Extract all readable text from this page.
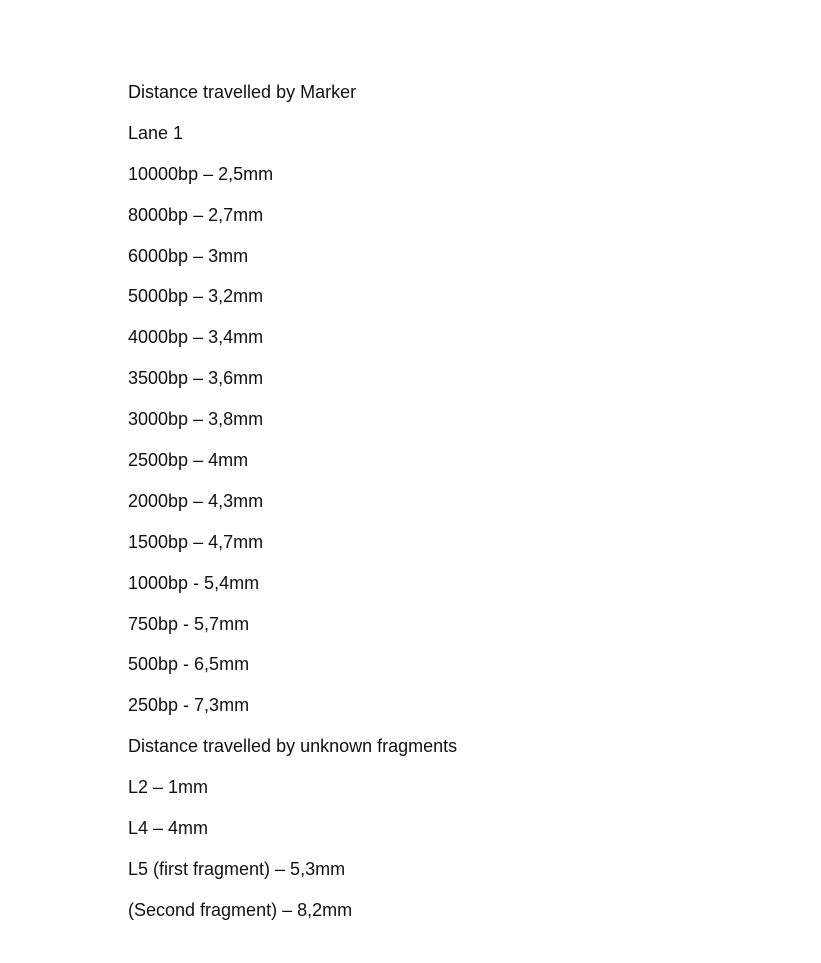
Distance travelled by Marker
Lane 1
10000bp – 2,5mm
8000bp – 2,7mm
6000bp – 3mm
5000bp – 3,2mm
4000bp – 3,4mm
3500bp – 3,6mm
3000bp – 3,8mm
2500bp – 4mm
2000bp – 4,3mm
1500bp – 4,7mm
1000bp - 5,4mm
750bp - 5,7mm
500bp - 6,5mm
250bp - 7,3mm
Distance travelled by unknown fragments
L2 – 1mm
L4 – 4mm
L5 (first fragment) – 5,3mm
(Second fragment) – 8,2mm
